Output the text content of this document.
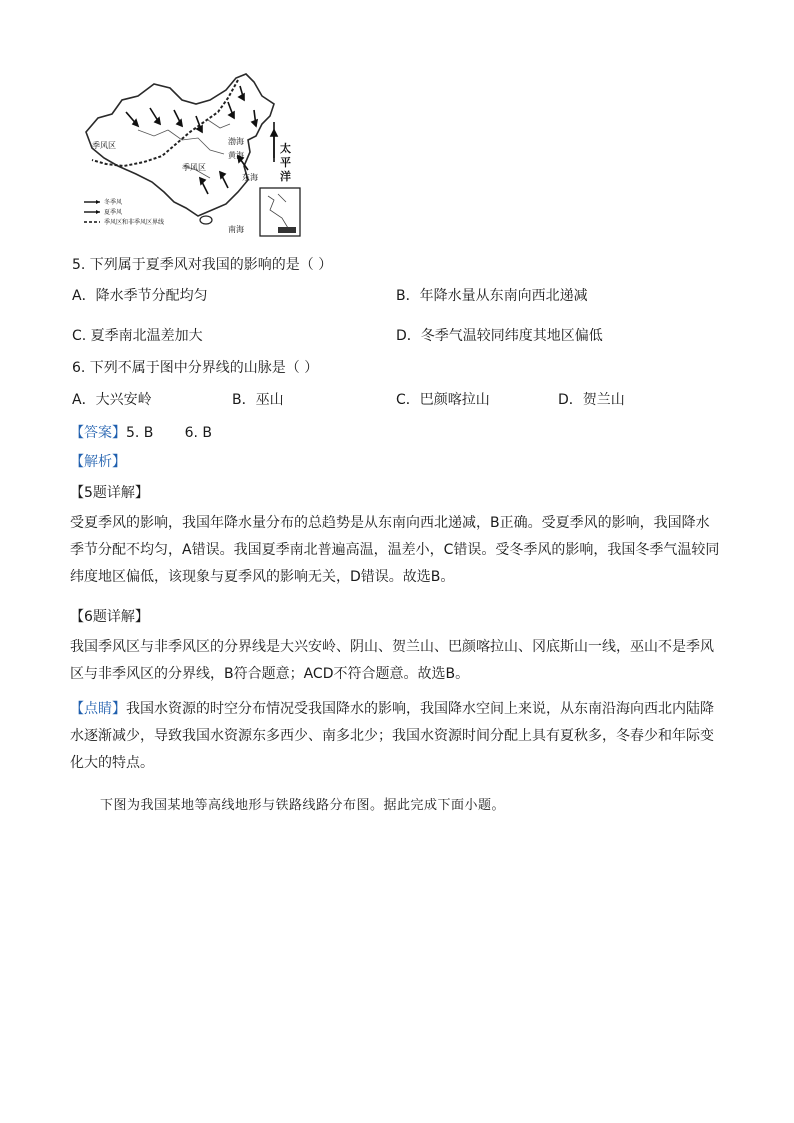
冬季风
夏季风
季风区和非季风区界线
季风区
季风区
渤海
黄海
东海
南海
太
平
洋
5. 下列属于夏季风对我国的影响的是（ ）
A．降水季节分配均匀	B．年降水量从东南向西北递减
C. 夏季南北温差加大	D．冬季气温较同纬度其地区偏低
6. 下列不属于图中分界线的山脉是（ ）
A．大兴安岭	B．巫山	C．巴颜喀拉山	D．贺兰山
【答案】5. B       6. B
【解析】
【5题详解】
受夏季风的影响，我国年降水量分布的总趋势是从东南向西北递减，B正确。受夏季风的影响，我国降水季节分配不均匀，A错误。我国夏季南北普遍高温，温差小，C错误。受冬季风的影响，我国冬季气温较同纬度地区偏低，该现象与夏季风的影响无关，D错误。故选B。
【6题详解】
我国季风区与非季风区的分界线是大兴安岭、阴山、贺兰山、巴颜喀拉山、冈底斯山一线，巫山不是季风区与非季风区的分界线，B符合题意；ACD不符合题意。故选B。
【点睛】我国水资源的时空分布情况受我国降水的影响，我国降水空间上来说，从东南沿海向西北内陆降水逐渐减少，导致我国水资源东多西少、南多北少；我国水资源时间分配上具有夏秋多，冬春少和年际变化大的特点。
下图为我国某地等高线地形与铁路线路分布图。据此完成下面小题。
